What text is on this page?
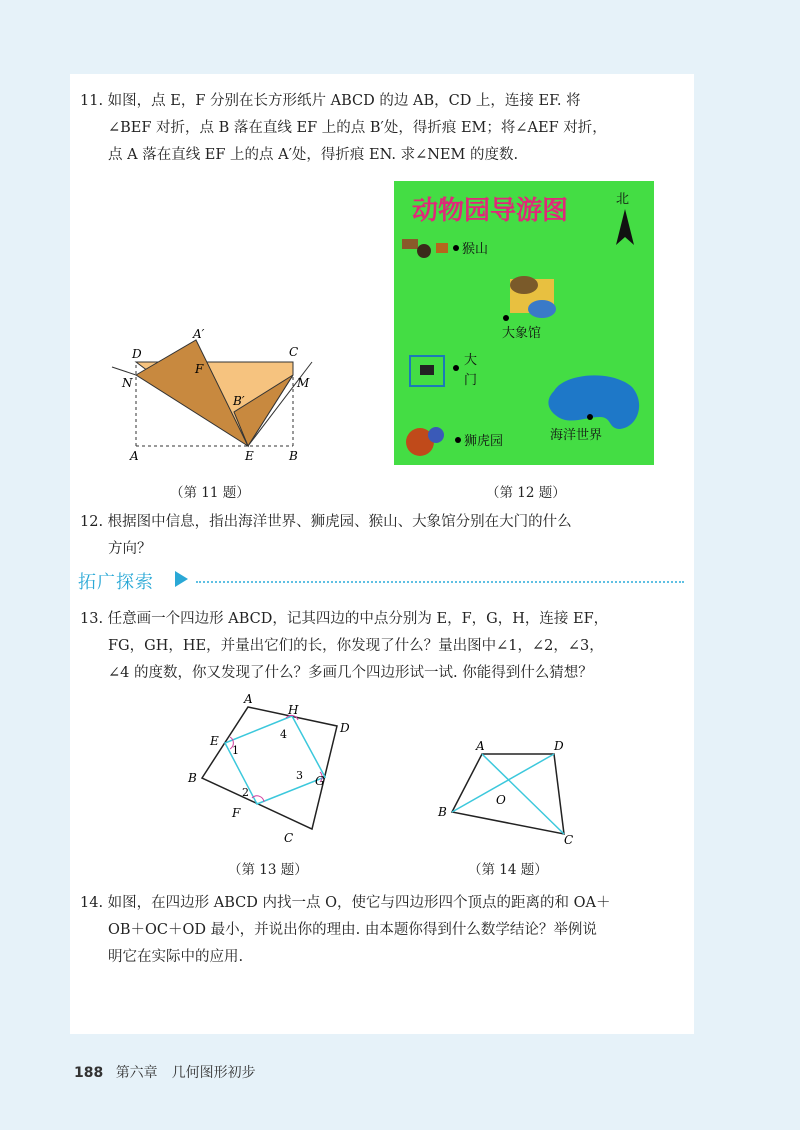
11. 如图，点 E，F 分别在长方形纸片 ABCD 的边 AB，CD 上，连接 EF. 将
∠BEF 对折，点 B 落在直线 EF 上的点 B′处，得折痕 EM；将∠AEF 对折，
点 A 落在直线 EF 上的点 A′处，得折痕 EN. 求∠NEM 的度数.
D	C
N	M
A′
F
B′
A	E	B
（第 11 题）
动物园导游图	北
猴山
大象馆
大
门
海洋世界
狮虎园
（第 12 题）
12. 根据图中信息，指出海洋世界、狮虎园、猴山、大象馆分别在大门的什么
方向？
拓广探索
13. 任意画一个四边形 ABCD，记其四边的中点分别为 E，F，G，H，连接 EF，
FG，GH，HE，并量出它们的长，你发现了什么？量出图中∠1，∠2，∠3，
∠4 的度数，你又发现了什么？多画几个四边形试一试. 你能得到什么猜想？
A
H
D
E
1
4
3
2
B	G
F
C
（第 13 题）
A	D
O
B
C
（第 14 题）
14. 如图，在四边形 ABCD 内找一点 O，使它与四边形四个顶点的距离的和 OA＋
OB＋OC＋OD 最小，并说出你的理由. 由本题你得到什么数学结论？举例说
明它在实际中的应用.
188 第六章　几何图形初步
